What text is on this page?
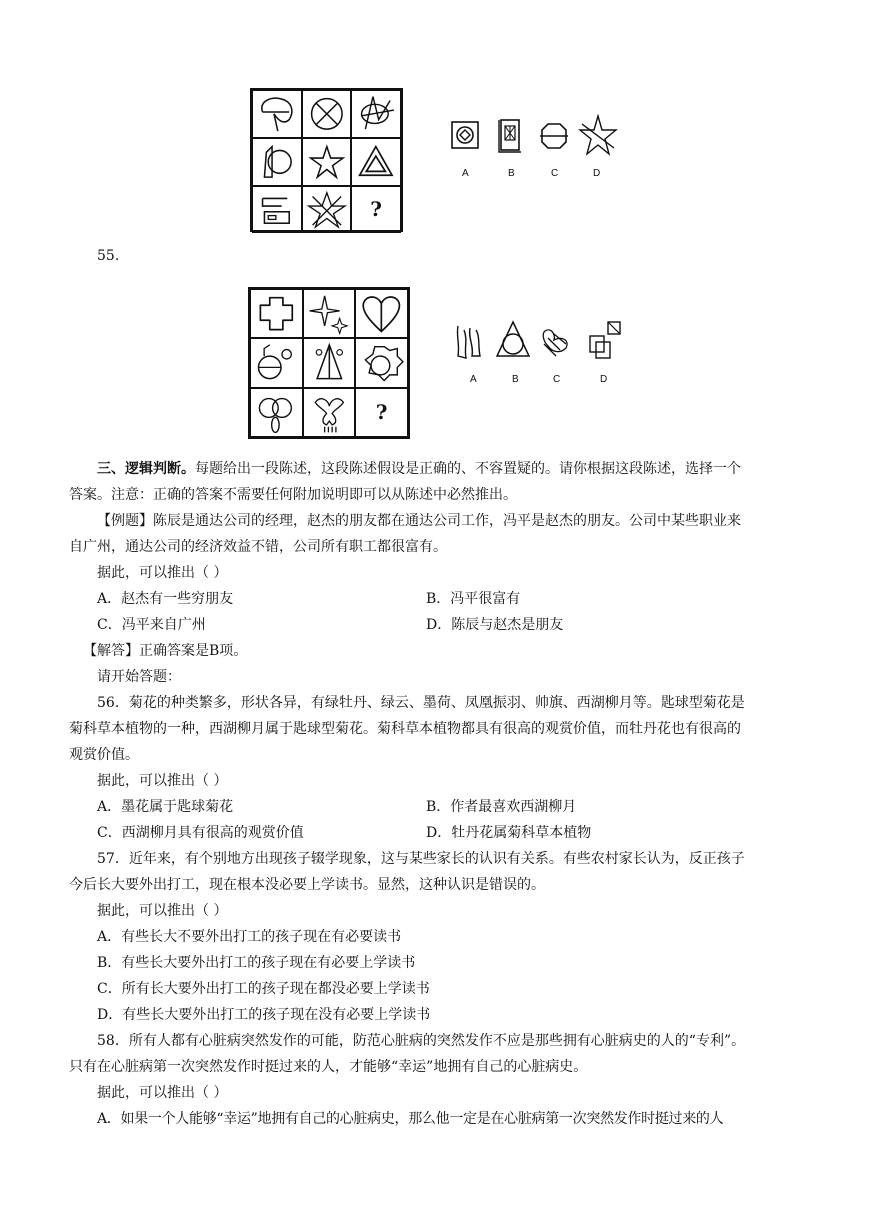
?
A	B	C	D
55.
?
A	B	C	D
三、逻辑判断。每题给出一段陈述，这段陈述假设是正确的、不容置疑的。请你根据这段陈述，选择一个
答案。注意：正确的答案不需要任何附加说明即可以从陈述中必然推出。
【例题】陈辰是通达公司的经理，赵杰的朋友都在通达公司工作，冯平是赵杰的朋友。公司中某些职业来
自广州，通达公司的经济效益不错，公司所有职工都很富有。
据此，可以推出（ ）
A．赵杰有一些穷朋友	B．冯平很富有
C．冯平来自广州	D．陈辰与赵杰是朋友
【解答】正确答案是B项。
请开始答题：
56．菊花的种类繁多，形状各异，有绿牡丹、绿云、墨荷、凤凰振羽、帅旗、西湖柳月等。匙球型菊花是
菊科草本植物的一种，西湖柳月属于匙球型菊花。菊科草本植物都具有很高的观赏价值，而牡丹花也有很高的
观赏价值。
据此，可以推出（ ）
A．墨花属于匙球菊花	B．作者最喜欢西湖柳月
C．西湖柳月具有很高的观赏价值	D．牡丹花属菊科草本植物
57．近年来，有个别地方出现孩子辍学现象，这与某些家长的认识有关系。有些农村家长认为，反正孩子
今后长大要外出打工，现在根本没必要上学读书。显然，这种认识是错误的。
据此，可以推出（ ）
A．有些长大不要外出打工的孩子现在有必要读书
B．有些长大要外出打工的孩子现在有必要上学读书
C．所有长大要外出打工的孩子现在都没必要上学读书
D．有些长大要外出打工的孩子现在没有必要上学读书
58．所有人都有心脏病突然发作的可能，防范心脏病的突然发作不应是那些拥有心脏病史的人的“专利”。
只有在心脏病第一次突然发作时挺过来的人，才能够“幸运”地拥有自己的心脏病史。
据此，可以推出（ ）
A．如果一个人能够“幸运”地拥有自己的心脏病史，那么他一定是在心脏病第一次突然发作时挺过来的人
